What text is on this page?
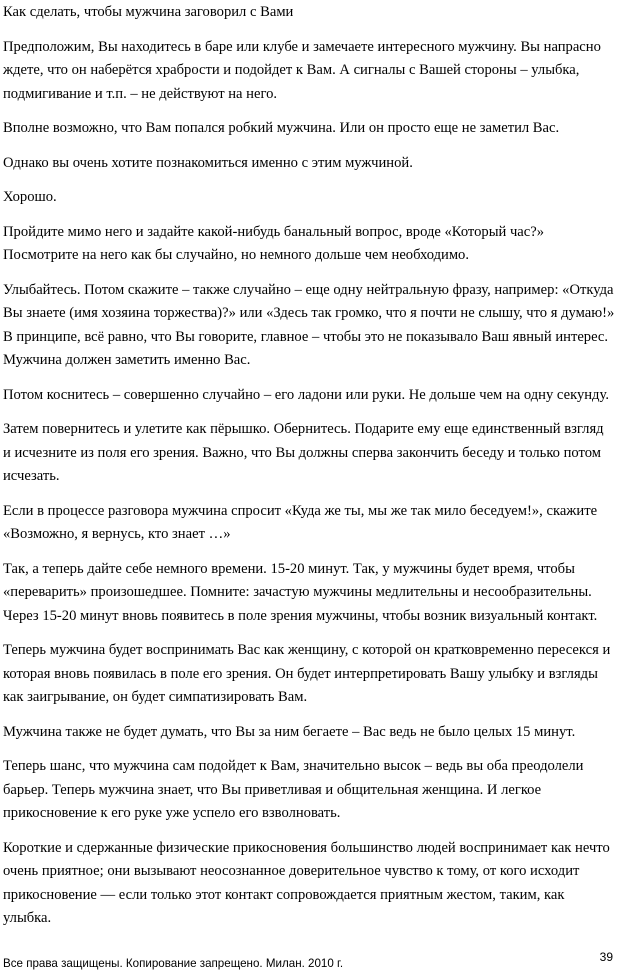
Как сделать, чтобы мужчина заговорил с Вами

Предположим, Вы находитесь в баре или клубе и замечаете интересного мужчину. Вы напрасно ждете, что он наберётся храбрости и подойдет к Вам. А сигналы с Вашей стороны – улыбка, подмигивание и т.п. – не действуют на него.

Вполне возможно, что Вам попался робкий мужчина. Или он просто еще не заметил Вас.

Однако вы очень хотите познакомиться именно с этим мужчиной.

Хорошо.

Пройдите мимо него и задайте какой-нибудь банальный вопрос, вроде «Который час?» Посмотрите на него как бы случайно, но немного дольше чем необходимо.

Улыбайтесь. Потом скажите – также случайно – еще одну нейтральную фразу, например: «Откуда Вы знаете (имя хозяина торжества)?» или «Здесь так громко, что я почти не слышу, что я думаю!» В принципе, всё равно, что Вы говорите, главное – чтобы это не показывало Ваш явный интерес. Мужчина должен заметить именно Вас.

Потом коснитесь – совершенно случайно – его ладони или руки. Не дольше чем на одну секунду.

Затем повернитесь и улетите как пёрышко. Обернитесь. Подарите ему еще единственный взгляд и исчезните из поля его зрения. Важно, что Вы должны сперва закончить беседу и только потом исчезать.

Если в процессе разговора мужчина спросит «Куда же ты, мы же так мило беседуем!», скажите «Возможно, я вернусь, кто знает …»

Так, а теперь дайте себе немного времени. 15-20 минут. Так, у мужчины будет время, чтобы «переварить» произошедшее. Помните: зачастую мужчины медлительны и несообразительны. Через 15-20 минут вновь появитесь в поле зрения мужчины, чтобы возник визуальный контакт.

Теперь мужчина будет воспринимать Вас как женщину, с которой он кратковременно пересекся и которая вновь появилась в поле его зрения. Он будет интерпретировать Вашу улыбку и взгляды как заигрывание, он будет симпатизировать Вам.

Мужчина также не будет думать, что Вы за ним бегаете – Вас ведь не было целых 15 минут.

Теперь шанс, что мужчина сам подойдет к Вам, значительно высок – ведь вы оба преодолели барьер. Теперь мужчина знает, что Вы приветливая и общительная женщина. И легкое прикосновение к его руке уже успело его взволновать.

Короткие и сдержанные физические прикосновения большинство людей воспринимает как нечто очень приятное; они вызывают неосознанное доверительное чувство к тому, от кого исходит прикосновение — если только этот контакт сопровождается приятным жестом, таким, как улыбка.

Все права защищены. Копирование запрещено. Милан. 2010 г.	39
